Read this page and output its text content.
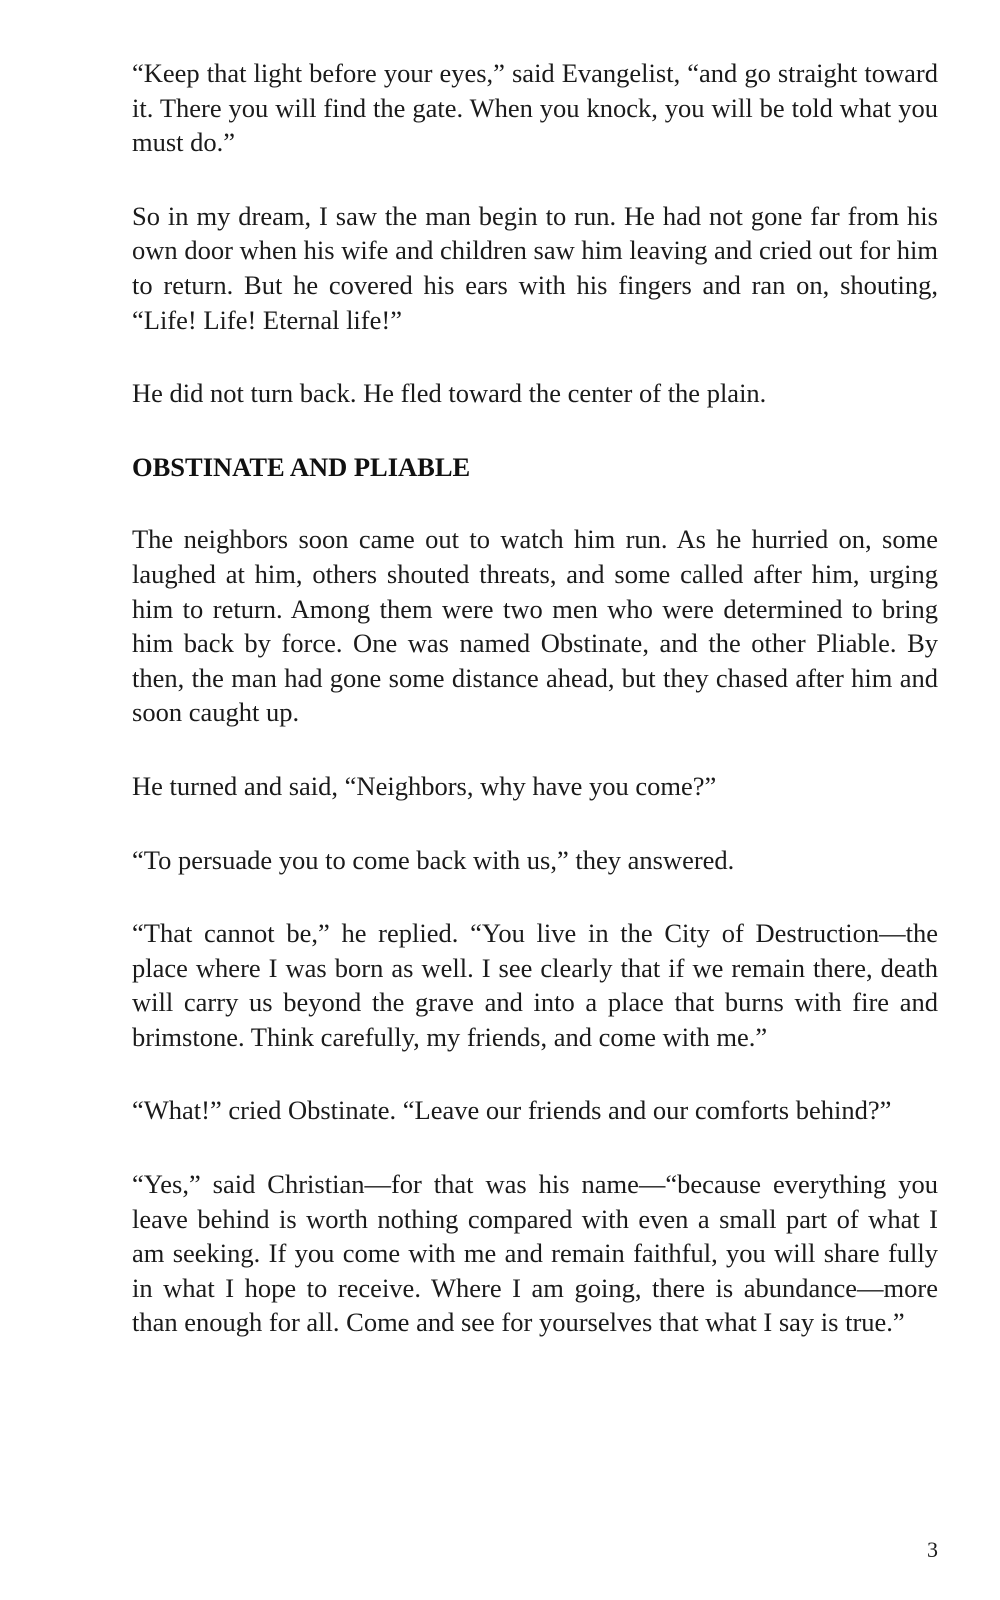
“Keep that light before your eyes,” said Evangelist, “and go straight toward it. There you will find the gate. When you knock, you will be told what you must do.”

So in my dream, I saw the man begin to run. He had not gone far from his own door when his wife and children saw him leaving and cried out for him to return. But he covered his ears with his fingers and ran on, shouting, “Life! Life! Eternal life!”

He did not turn back. He fled toward the center of the plain.

OBSTINATE AND PLIABLE

The neighbors soon came out to watch him run. As he hurried on, some laughed at him, others shouted threats, and some called after him, urging him to return. Among them were two men who were determined to bring him back by force. One was named Obstinate, and the other Pliable. By then, the man had gone some distance ahead, but they chased after him and soon caught up.

He turned and said, “Neighbors, why have you come?”

“To persuade you to come back with us,” they answered.

“That cannot be,” he replied. “You live in the City of Destruction—the place where I was born as well. I see clearly that if we remain there, death will carry us beyond the grave and into a place that burns with fire and brimstone. Think carefully, my friends, and come with me.”

“What!” cried Obstinate. “Leave our friends and our comforts behind?”

“Yes,” said Christian—for that was his name—“because everything you leave behind is worth nothing compared with even a small part of what I am seeking. If you come with me and remain faithful, you will share fully in what I hope to receive. Where I am going, there is abundance—more than enough for all. Come and see for yourselves that what I say is true.”

3
